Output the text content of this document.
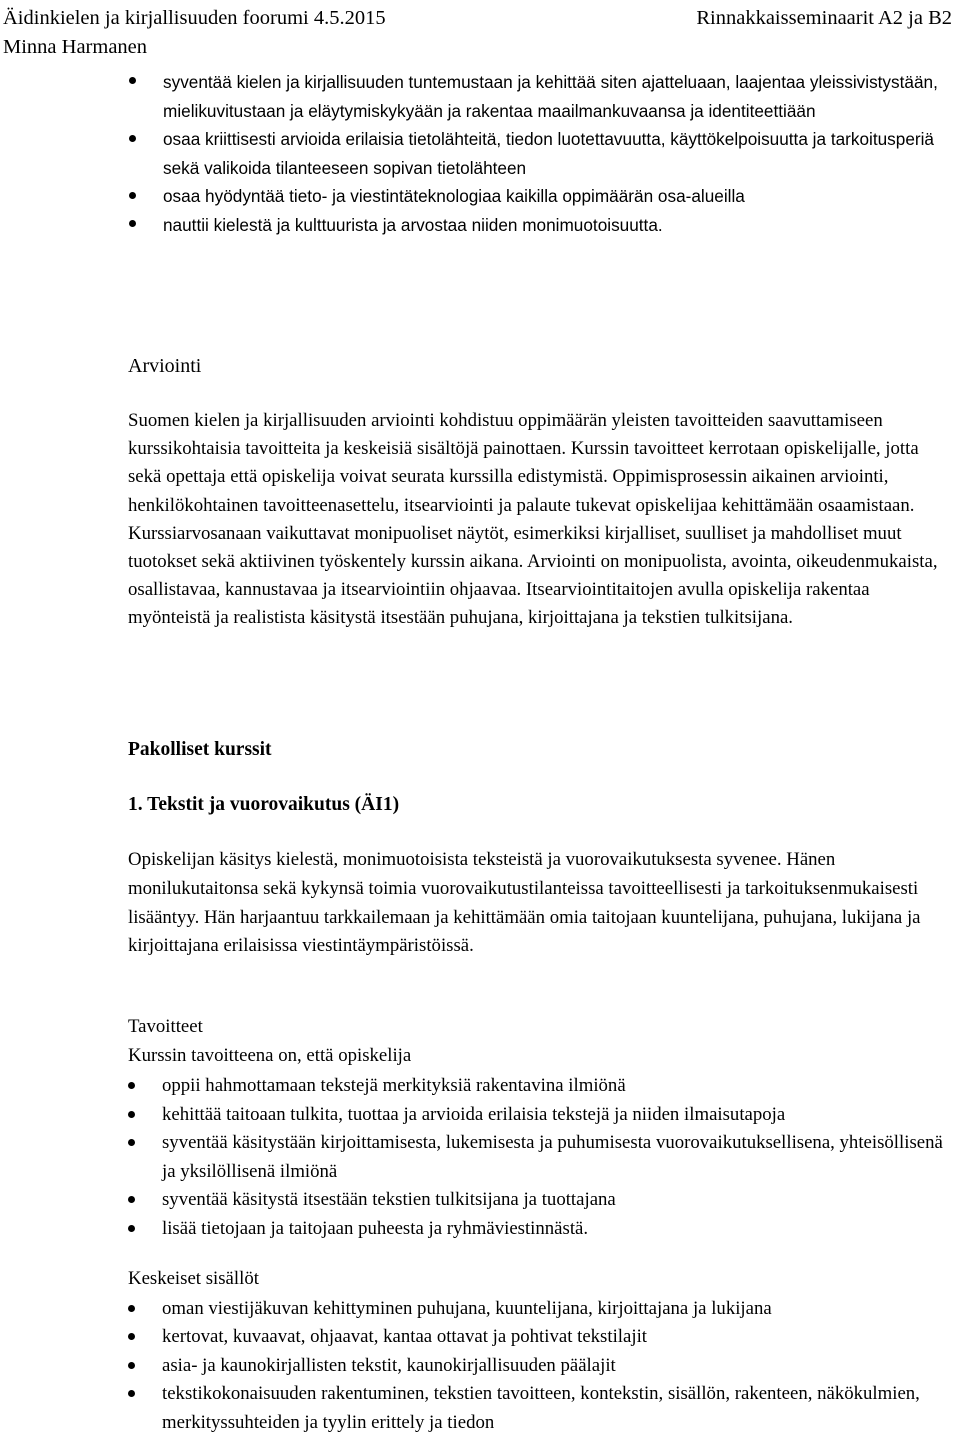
Äidinkielen ja kirjallisuuden foorumi 4.5.2015	Rinnakkaisseminaarit A2 ja B2
Minna Harmanen
syventää kielen ja kirjallisuuden tuntemustaan ja kehittää siten ajatteluaan, laajentaa yleissivistystään, mielikuvitustaan ja eläytymiskykyään ja rakentaa maailmankuvaansa ja identiteettiään
osaa kriittisesti arvioida erilaisia tietolähteitä, tiedon luotettavuutta, käyttökelpoisuutta ja tarkoitusperiä sekä valikoida tilanteeseen sopivan tietolähteen
osaa hyödyntää tieto- ja viestintäteknologiaa kaikilla oppimäärän osa-alueilla
nauttii kielestä ja kulttuurista ja arvostaa niiden monimuotoisuutta.

Arviointi

Suomen kielen ja kirjallisuuden arviointi kohdistuu oppimäärän yleisten tavoitteiden saavuttamiseen kurssikohtaisia tavoitteita ja keskeisiä sisältöjä painottaen. Kurssin tavoitteet kerrotaan opiskelijalle, jotta sekä opettaja että opiskelija voivat seurata kurssilla edistymistä. Oppimisprosessin aikainen arviointi, henkilökohtainen tavoitteenasettelu, itsearviointi ja palaute tukevat opiskelijaa kehittämään osaamistaan. Kurssiarvosanaan vaikuttavat monipuoliset näytöt, esimerkiksi kirjalliset, suulliset ja mahdolliset muut tuotokset sekä aktiivinen työskentely kurssin aikana. Arviointi on monipuolista, avointa, oikeudenmukaista, osallistavaa, kannustavaa ja itsearviointiin ohjaavaa. Itsearviointitaitojen avulla opiskelija rakentaa myönteistä ja realistista käsitystä itsestään puhujana, kirjoittajana ja tekstien tulkitsijana.

Pakolliset kurssit

1. Tekstit ja vuorovaikutus (ÄI1)

Opiskelijan käsitys kielestä, monimuotoisista teksteistä ja vuorovaikutuksesta syvenee. Hänen monilukutaitonsa sekä kykynsä toimia vuorovaikutustilanteissa tavoitteellisesti ja tarkoituksenmukaisesti lisääntyy. Hän harjaantuu tarkkailemaan ja kehittämään omia taitojaan kuuntelijana, puhujana, lukijana ja kirjoittajana erilaisissa viestintäympäristöissä.

Tavoitteet

Kurssin tavoitteena on, että opiskelija

oppii hahmottamaan tekstejä merkityksiä rakentavina ilmiönä
kehittää taitoaan tulkita, tuottaa ja arvioida erilaisia tekstejä ja niiden ilmaisutapoja
syventää käsitystään kirjoittamisesta, lukemisesta ja puhumisesta vuorovaikutuksellisena, yhteisöllisenä ja yksilöllisenä ilmiönä
syventää käsitystä itsestään tekstien tulkitsijana ja tuottajana
lisää tietojaan ja taitojaan puheesta ja ryhmäviestinnästä.

Keskeiset sisällöt

oman viestijäkuvan kehittyminen puhujana, kuuntelijana, kirjoittajana ja lukijana
kertovat, kuvaavat, ohjaavat, kantaa ottavat ja pohtivat tekstilajit
asia- ja kaunokirjallisten tekstit, kaunokirjallisuuden päälajit
tekstikokonaisuuden rakentuminen, tekstien tavoitteen, kontekstin, sisällön, rakenteen, näkökulmien, merkityssuhteiden ja tyylin erittely ja tiedon
